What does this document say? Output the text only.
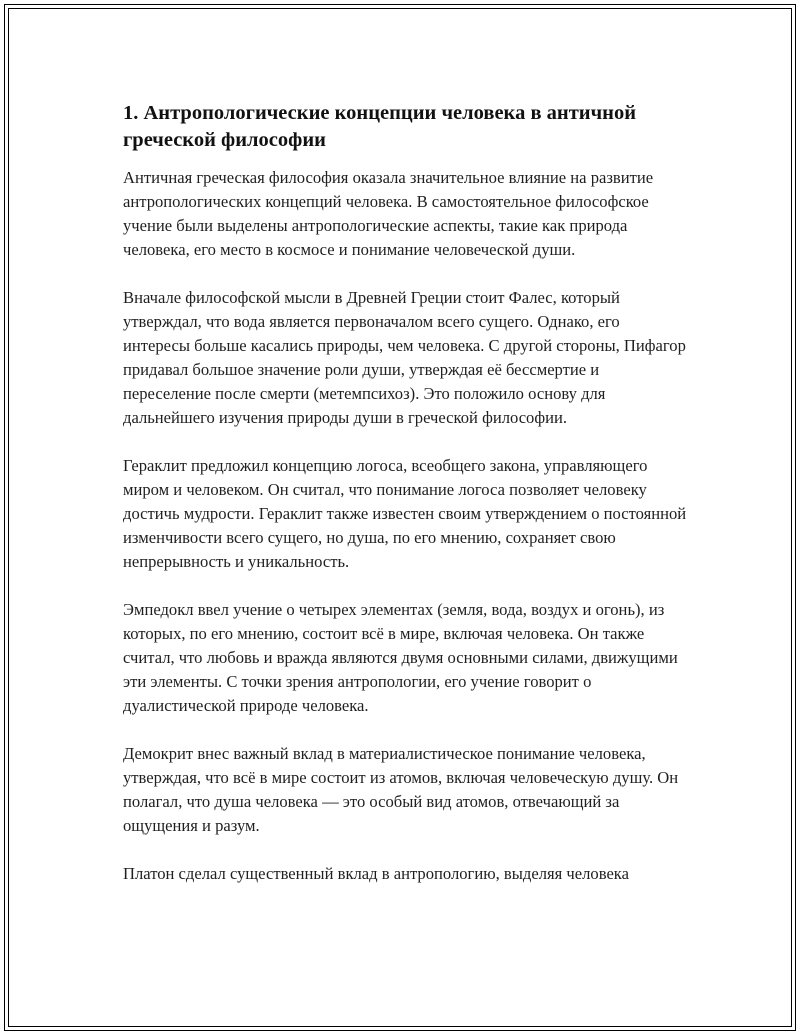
1. Антропологические концепции человека в античной греческой философии

Античная греческая философия оказала значительное влияние на развитие антропологических концепций человека. В самостоятельное философское учение были выделены антропологические аспекты, такие как природа человека, его место в космосе и понимание человеческой души.

Вначале философской мысли в Древней Греции стоит Фалес, который утверждал, что вода является первоначалом всего сущего. Однако, его интересы больше касались природы, чем человека. С другой стороны, Пифагор придавал большое значение роли души, утверждая её бессмертие и переселение после смерти (метемпсихоз). Это положило основу для дальнейшего изучения природы души в греческой философии.

Гераклит предложил концепцию логоса, всеобщего закона, управляющего миром и человеком. Он считал, что понимание логоса позволяет человеку достичь мудрости. Гераклит также известен своим утверждением о постоянной изменчивости всего сущего, но душа, по его мнению, сохраняет свою непрерывность и уникальность.

Эмпедокл ввел учение о четырех элементах (земля, вода, воздух и огонь), из которых, по его мнению, состоит всё в мире, включая человека. Он также считал, что любовь и вражда являются двумя основными силами, движущими эти элементы. С точки зрения антропологии, его учение говорит о дуалистической природе человека.

Демокрит внес важный вклад в материалистическое понимание человека, утверждая, что всё в мире состоит из атомов, включая человеческую душу. Он полагал, что душа человека — это особый вид атомов, отвечающий за ощущения и разум.

Платон сделал существенный вклад в антропологию, выделяя человека
